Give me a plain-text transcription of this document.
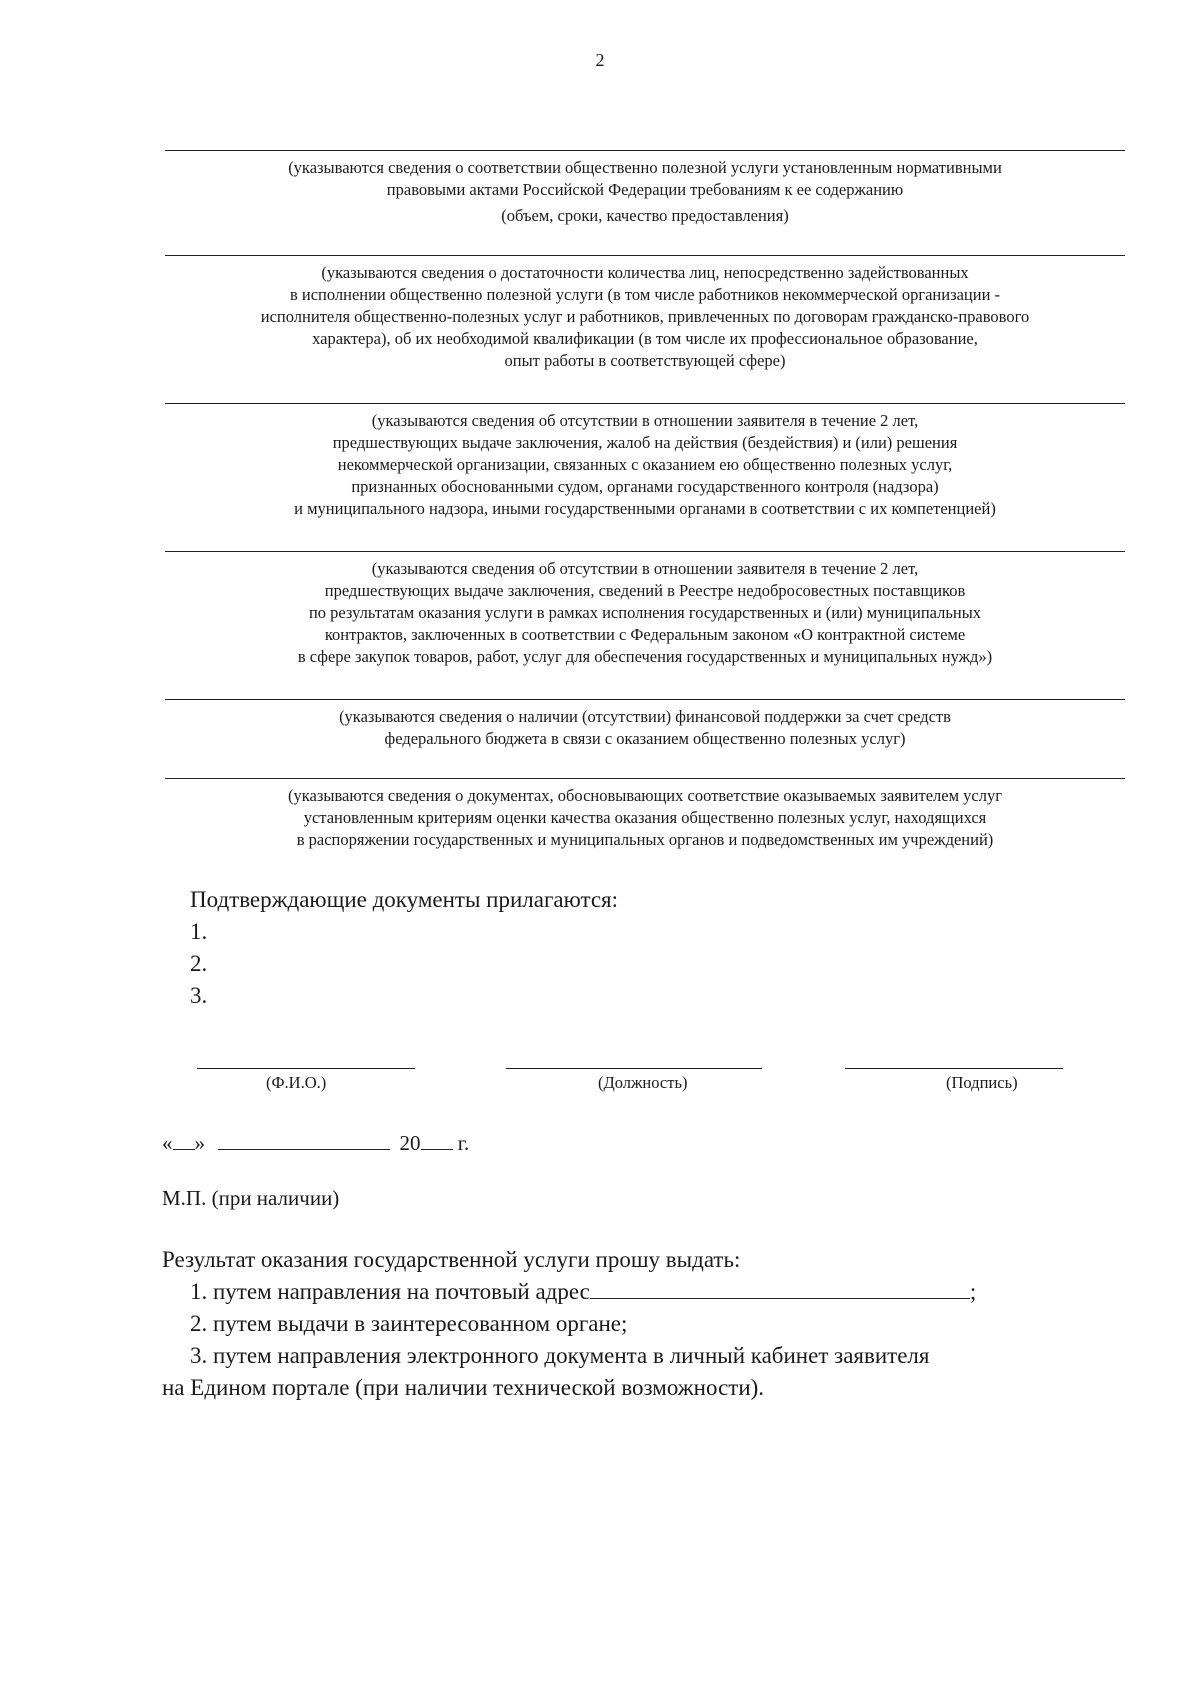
2
(указываются сведения о соответствии общественно полезной услуги установленным нормативными
правовыми актами Российской Федерации требованиям к ее содержанию
(объем, сроки, качество предоставления)
(указываются сведения о достаточности количества лиц, непосредственно задействованных
в исполнении общественно полезной услуги (в том числе работников некоммерческой организации -
исполнителя общественно-полезных услуг и работников, привлеченных по договорам гражданско-правового
характера), об их необходимой квалификации (в том числе их профессиональное образование,
опыт работы в соответствующей сфере)
(указываются сведения об отсутствии в отношении заявителя в течение 2 лет,
предшествующих выдаче заключения, жалоб на действия (бездействия) и (или) решения
некоммерческой организации, связанных с оказанием ею общественно полезных услуг,
признанных обоснованными судом, органами государственного контроля (надзора)
и муниципального надзора, иными государственными органами в соответствии с их компетенцией)
(указываются сведения об отсутствии в отношении заявителя в течение 2 лет,
предшествующих выдаче заключения, сведений в Реестре недобросовестных поставщиков
по результатам оказания услуги в рамках исполнения государственных и (или) муниципальных
контрактов, заключенных в соответствии с Федеральным законом «О контрактной системе
в сфере закупок товаров, работ, услуг для обеспечения государственных и муниципальных нужд»)
(указываются сведения о наличии (отсутствии) финансовой поддержки за счет средств
федерального бюджета в связи с оказанием общественно полезных услуг)
(указываются сведения о документах, обосновывающих соответствие оказываемых заявителем услуг
установленным критериям оценки качества оказания общественно полезных услуг, находящихся
в распоряжении государственных и муниципальных органов и подведомственных им учреждений)
Подтверждающие документы прилагаются:
1.
2.
3.
(Ф.И.О.)	(Должность)	(Подпись)
« »	20 г.
М.П. (при наличии)
Результат оказания государственной услуги прошу выдать:
1. путем направления на почтовый адрес	;
2. путем выдачи в заинтересованном органе;
3. путем направления электронного документа в личный кабинет заявителя
на Едином портале (при наличии технической возможности).
